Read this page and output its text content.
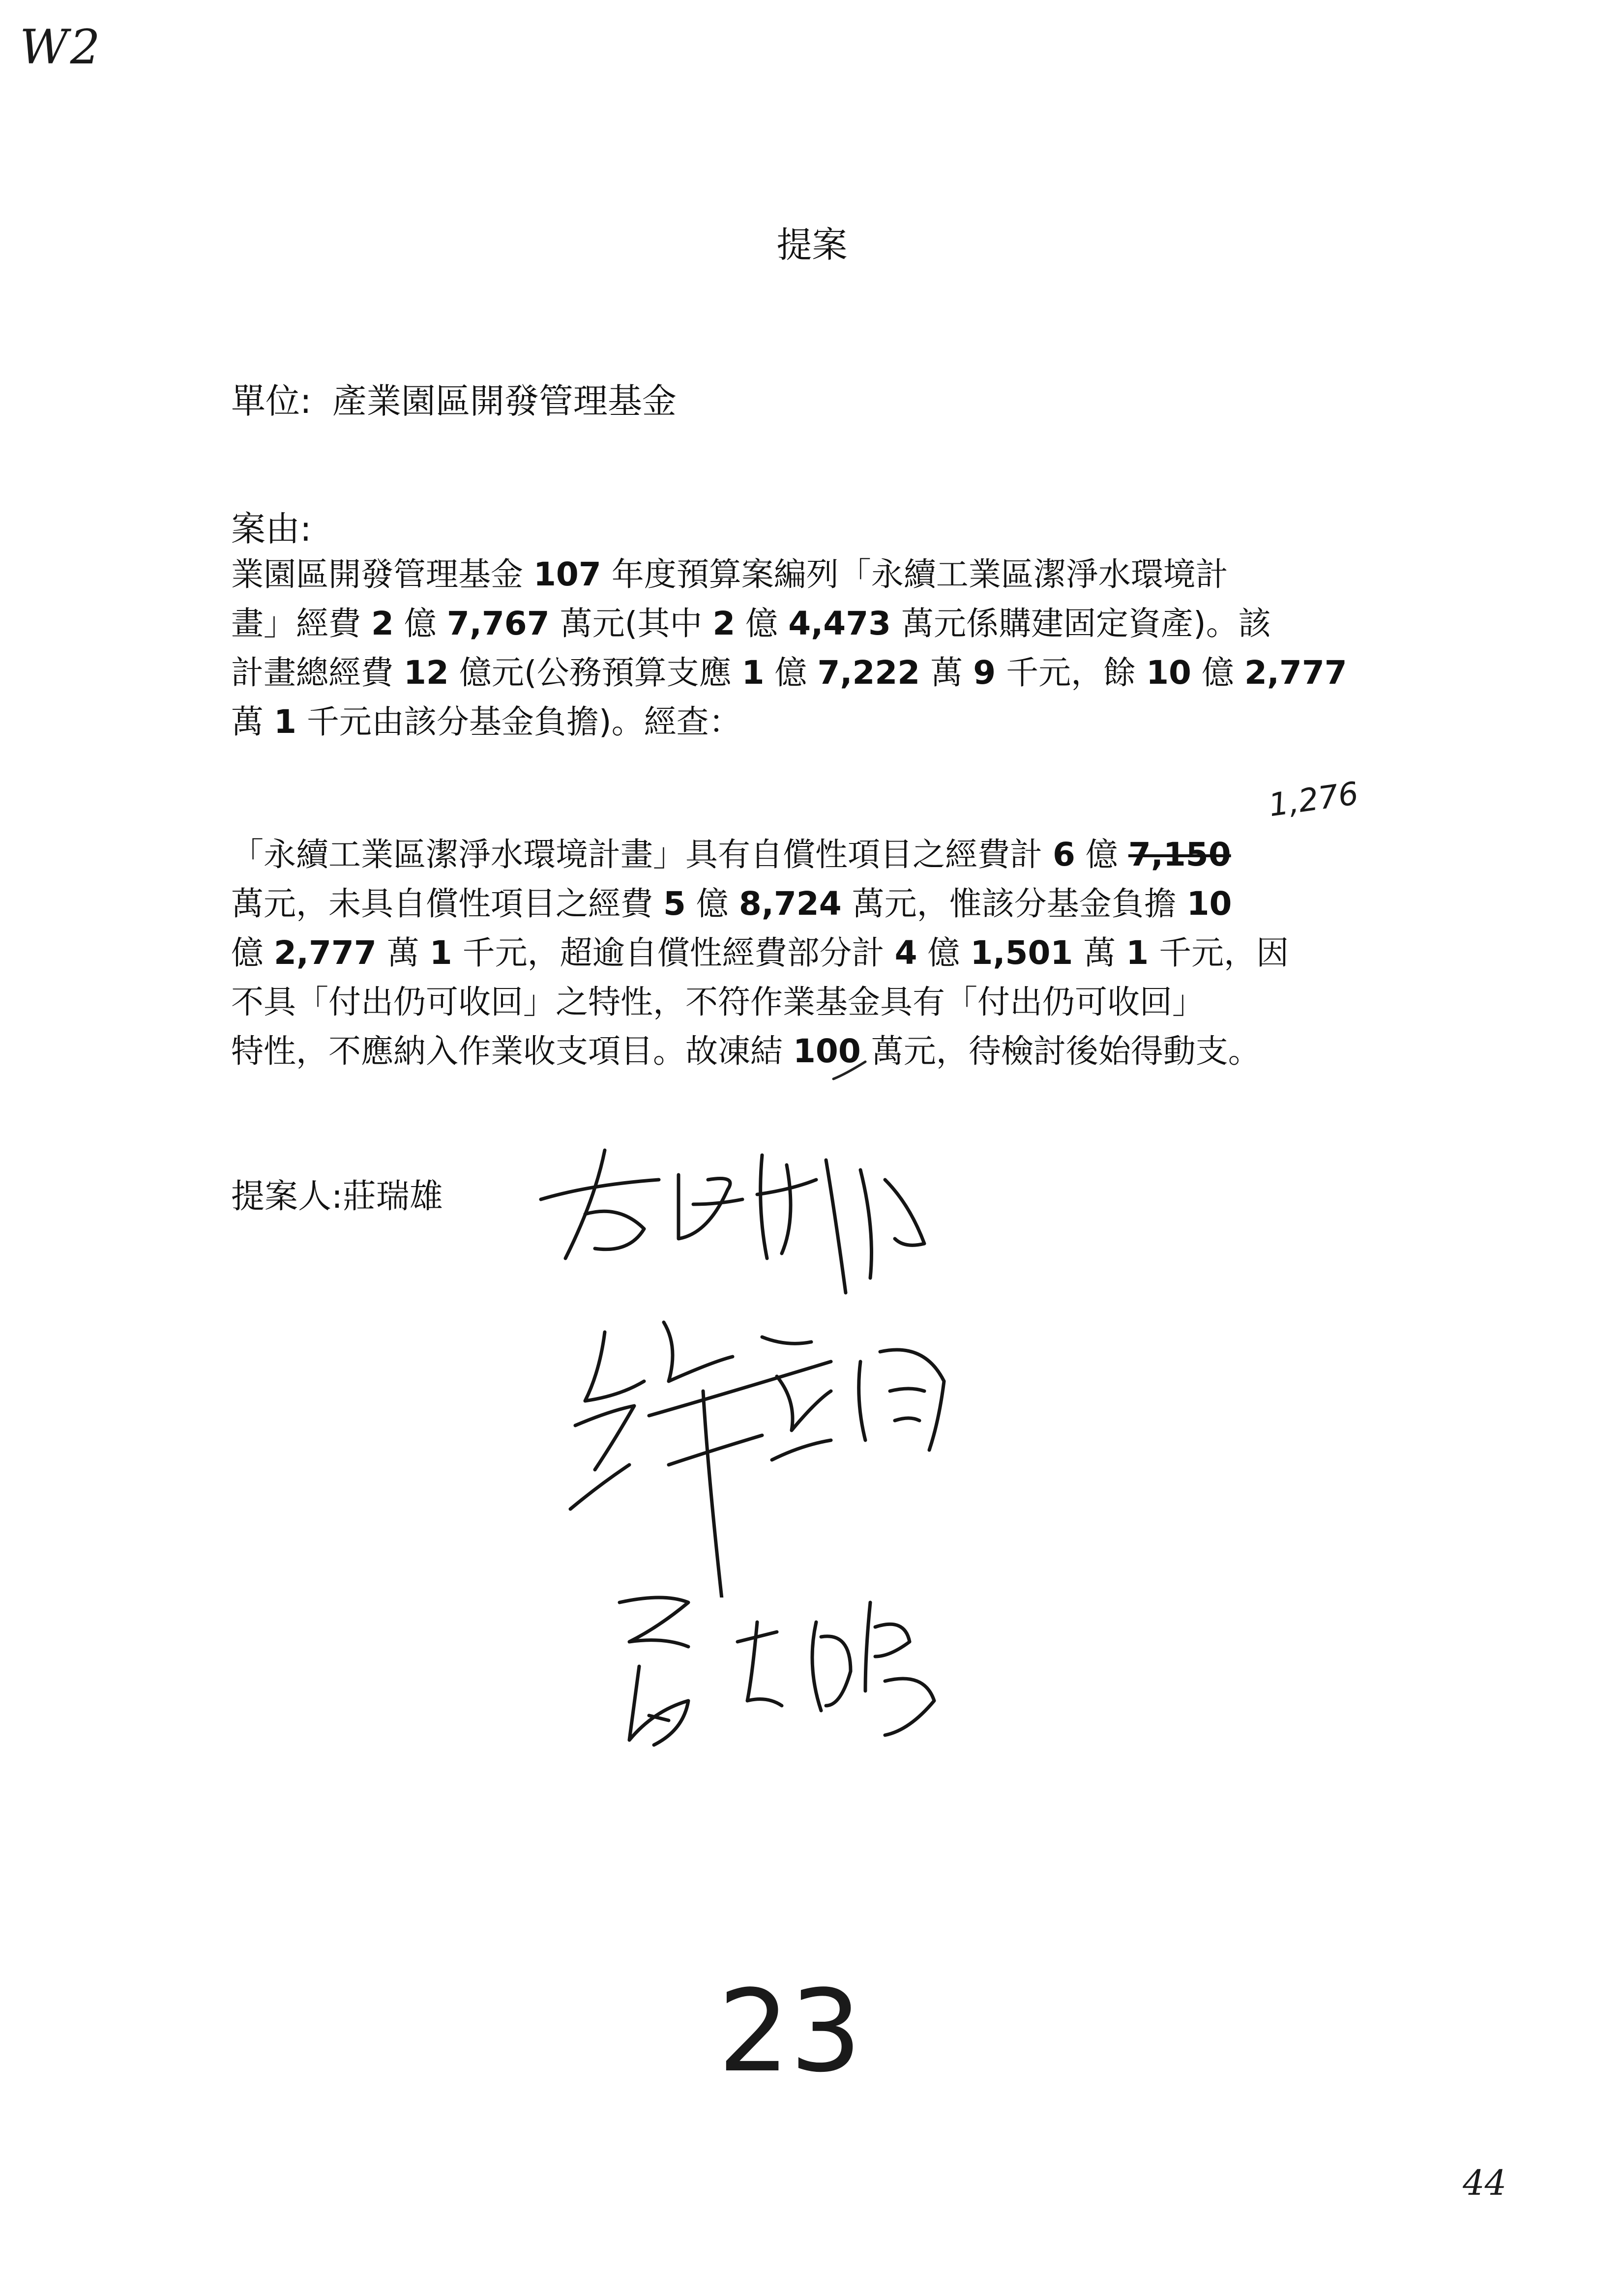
W2
提案
單位: 產業園區開發管理基金
案由:
業園區開發管理基金 107 年度預算案編列「永續工業區潔淨水環境計
畫」經費 2 億 7,767 萬元(其中 2 億 4,473 萬元係購建固定資產)。該
計畫總經費 12 億元(公務預算支應 1 億 7,222 萬 9 千元，餘 10 億 2,777
萬 1 千元由該分基金負擔)。經查：
「永續工業區潔淨水環境計畫」具有自償性項目之經費計 6 億 7,150
萬元，未具自償性項目之經費 5 億 8,724 萬元，惟該分基金負擔 10
億 2,777 萬 1 千元，超逾自償性經費部分計 4 億 1,501 萬 1 千元，因
不具「付出仍可收回」之特性，不符作業基金具有「付出仍可收回」
特性，不應納入作業收支項目。故凍結 100 萬元，待檢討後始得動支。
1,276
提案人:莊瑞雄
23
44
